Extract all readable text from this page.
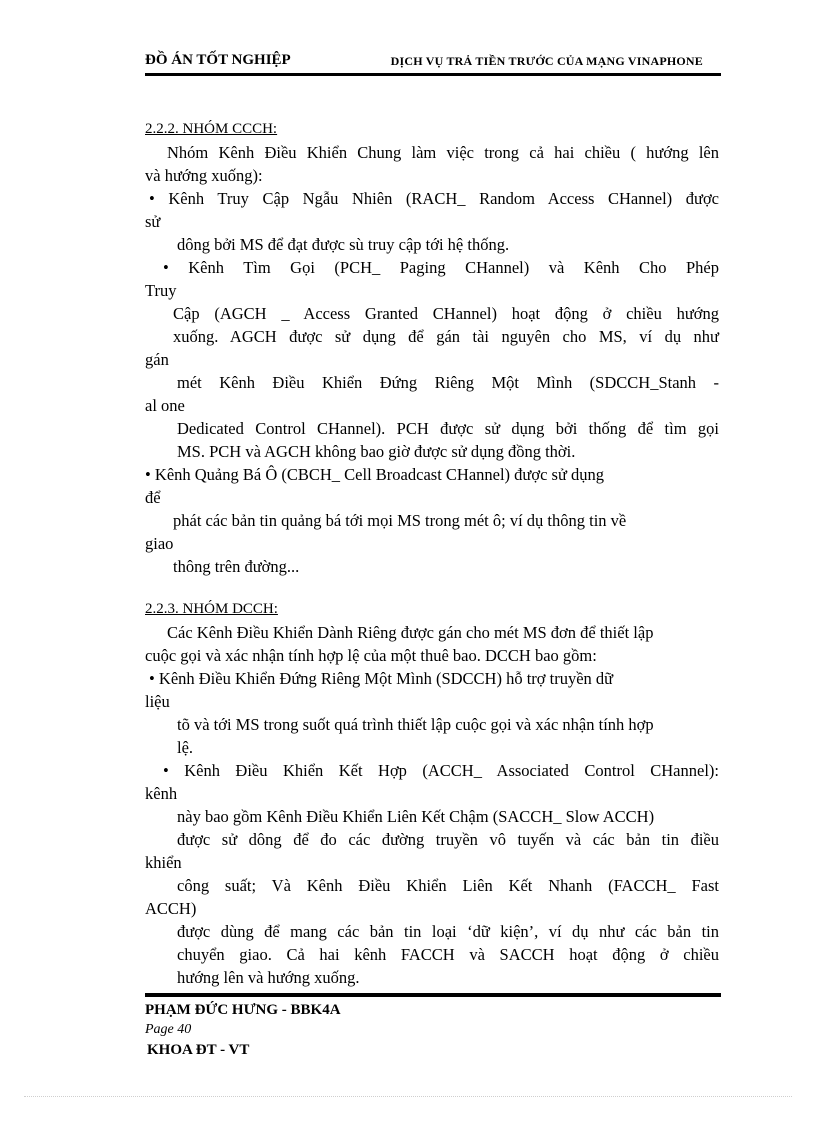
ĐỒ ÁN TỐT NGHIỆP	DỊCH VỤ TRẢ TIỀN TRƯỚC CỦA MẠNG VINAPHONE
2.2.2. NHÓM CCCH:
Nhóm Kênh Điều Khiển Chung làm việc trong cả hai chiều ( hướng lên
và hướng xuống):
• Kênh Truy Cập Ngẫu Nhiên (RACH_ Random Access CHannel) được
sử
dông bởi MS để đạt được sù truy cập tới hệ thống.
• Kênh Tìm Gọi (PCH_ Paging CHannel) và Kênh Cho Phép
Truy
Cập (AGCH _ Access Granted CHannel) hoạt động ở chiều hướng
xuống. AGCH được sử dụng để gán tài nguyên cho MS, ví dụ như
gán
mét Kênh Điều Khiển Đứng Riêng Một Mình (SDCCH_Stanh -
al one
Dedicated Control CHannel). PCH được sử dụng bởi thống để tìm gọi
MS. PCH và AGCH không bao giờ được sử dụng đồng thời.
• Kênh Quảng Bá Ô (CBCH_ Cell Broadcast CHannel) được sử dụng
để
phát các bản tin quảng bá tới mọi MS trong mét ô; ví dụ thông tin về
giao
thông trên đường...
2.2.3. NHÓM DCCH:
Các Kênh Điều Khiển Dành Riêng được gán cho mét MS đơn để thiết lập
cuộc gọi và xác nhận tính hợp lệ của một thuê bao. DCCH bao gồm:
• Kênh Điều Khiển Đứng Riêng Một Mình (SDCCH) hỗ trợ truyền dữ
liệu
tõ và tới MS trong suốt quá trình thiết lập cuộc gọi và xác nhận tính hợp
lệ.
• Kênh Điều Khiển Kết Hợp (ACCH_ Associated Control CHannel):
kênh
này bao gồm Kênh Điều Khiển Liên Kết Chậm (SACCH_ Slow ACCH)
được sử dông để đo các đường truyền vô tuyến và các bản tin điều
khiển
công suất; Và Kênh Điều Khiển Liên Kết Nhanh (FACCH_ Fast
ACCH)
được dùng để mang các bản tin loại ‘dữ kiện’, ví dụ như các bản tin
chuyển giao. Cả hai kênh FACCH và SACCH hoạt động ở chiều
hướng lên và hướng xuống.
PHẠM ĐỨC HƯNG - BBK4A
Page 40
KHOA ĐT - VT
